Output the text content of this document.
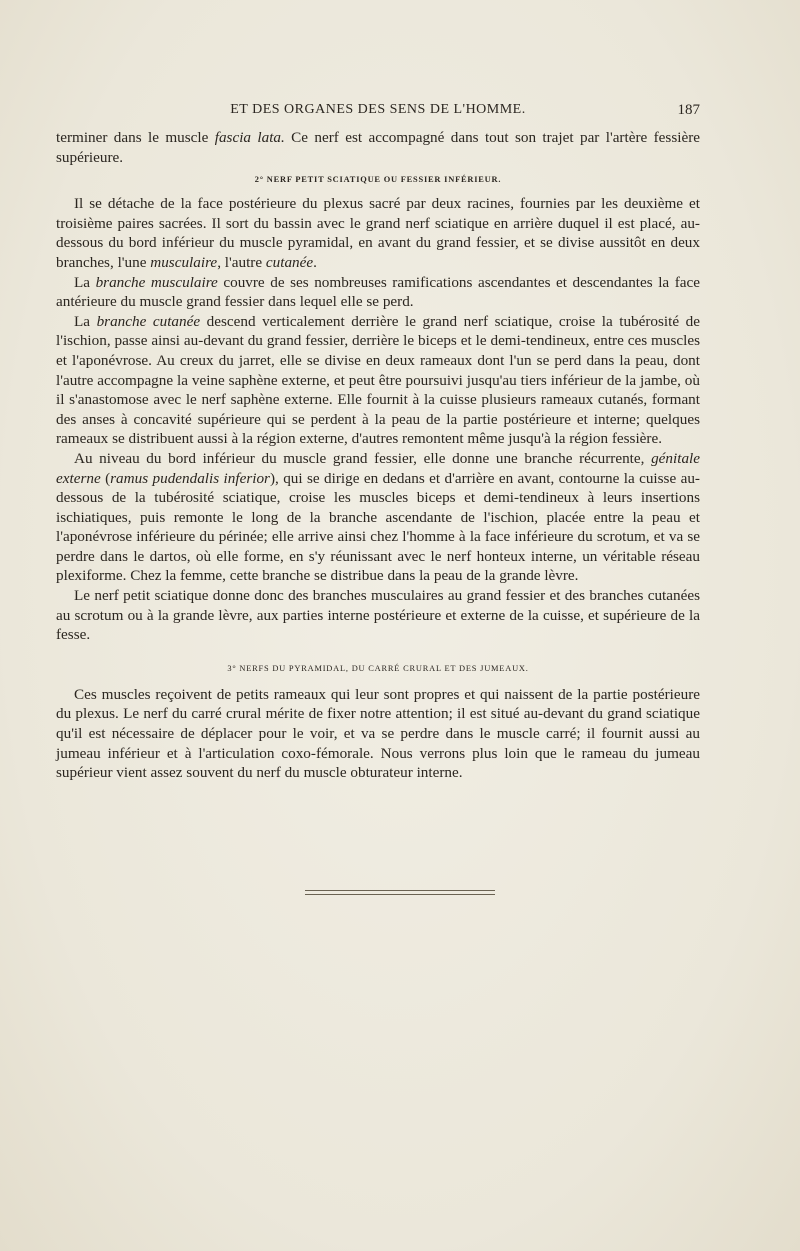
ET DES ORGANES DES SENS DE L'HOMME.	187

terminer dans le muscle fascia lata. Ce nerf est accompagné dans tout son trajet par l'artère fessière supérieure.

2° NERF PETIT SCIATIQUE OU FESSIER INFÉRIEUR.

Il se détache de la face postérieure du plexus sacré par deux racines, fournies par les deuxième et troisième paires sacrées. Il sort du bassin avec le grand nerf sciatique en arrière duquel il est placé, au-dessous du bord inférieur du muscle pyramidal, en avant du grand fessier, et se divise aussitôt en deux branches, l'une musculaire, l'autre cutanée.

La branche musculaire couvre de ses nombreuses ramifications ascendantes et descendantes la face antérieure du muscle grand fessier dans lequel elle se perd.

La branche cutanée descend verticalement derrière le grand nerf sciatique, croise la tubérosité de l'ischion, passe ainsi au-devant du grand fessier, derrière le biceps et le demi-tendineux, entre ces muscles et l'aponévrose. Au creux du jarret, elle se divise en deux rameaux dont l'un se perd dans la peau, dont l'autre accompagne la veine saphène externe, et peut être poursuivi jusqu'au tiers inférieur de la jambe, où il s'anastomose avec le nerf saphène externe. Elle fournit à la cuisse plusieurs rameaux cutanés, formant des anses à concavité supérieure qui se perdent à la peau de la partie postérieure et interne; quelques rameaux se distribuent aussi à la région externe, d'autres remontent même jusqu'à la région fessière.

Au niveau du bord inférieur du muscle grand fessier, elle donne une branche récurrente, génitale externe (ramus pudendalis inferior), qui se dirige en dedans et d'arrière en avant, contourne la cuisse au-dessous de la tubérosité sciatique, croise les muscles biceps et demi-tendineux à leurs insertions ischiatiques, puis remonte le long de la branche ascendante de l'ischion, placée entre la peau et l'aponévrose inférieure du périnée; elle arrive ainsi chez l'homme à la face inférieure du scrotum, et va se perdre dans le dartos, où elle forme, en s'y réunissant avec le nerf honteux interne, un véritable réseau plexiforme. Chez la femme, cette branche se distribue dans la peau de la grande lèvre.

Le nerf petit sciatique donne donc des branches musculaires au grand fessier et des branches cutanées au scrotum ou à la grande lèvre, aux parties interne postérieure et externe de la cuisse, et supérieure de la fesse.

3° NERFS DU PYRAMIDAL, DU CARRÉ CRURAL ET DES JUMEAUX.

Ces muscles reçoivent de petits rameaux qui leur sont propres et qui naissent de la partie postérieure du plexus. Le nerf du carré crural mérite de fixer notre attention; il est situé au-devant du grand sciatique qu'il est nécessaire de déplacer pour le voir, et va se perdre dans le muscle carré; il fournit aussi au jumeau inférieur et à l'articulation coxo-fémorale. Nous verrons plus loin que le rameau du jumeau supérieur vient assez souvent du nerf du muscle obturateur interne.
